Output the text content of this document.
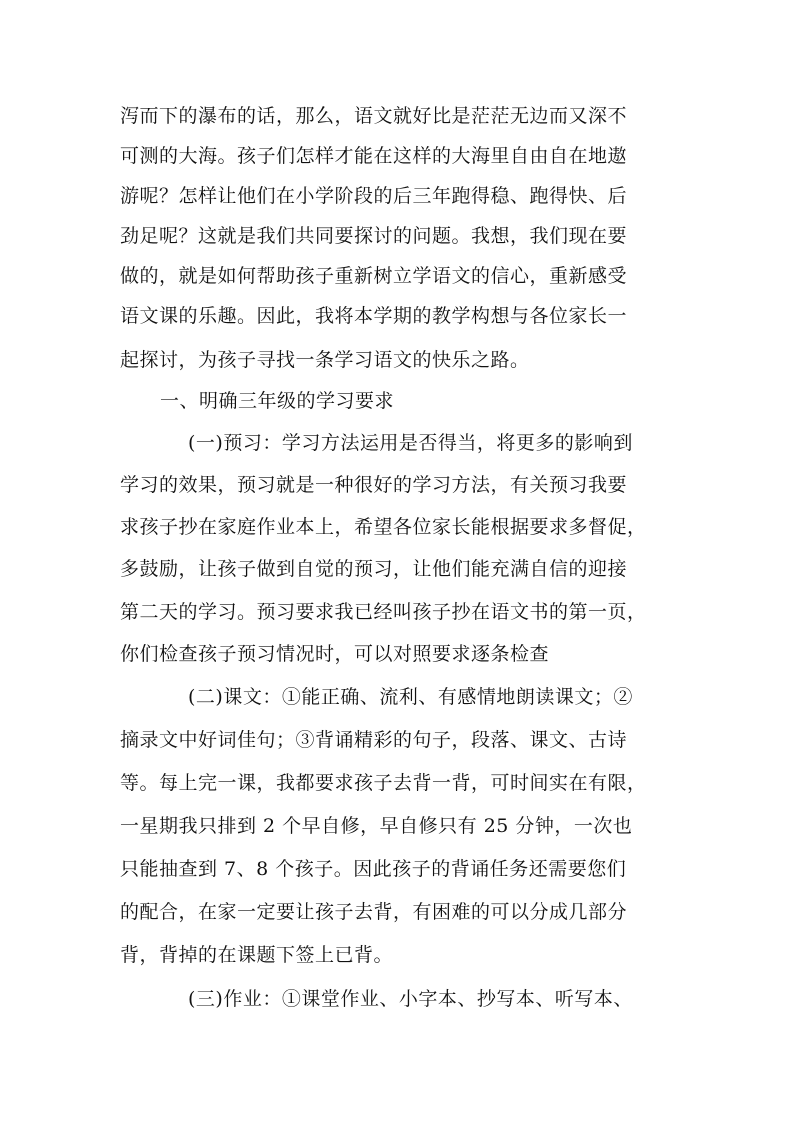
泻而下的瀑布的话，那么，语文就好比是茫茫无边而又深不
可测的大海。孩子们怎样才能在这样的大海里自由自在地遨
游呢？怎样让他们在小学阶段的后三年跑得稳、跑得快、后
劲足呢？这就是我们共同要探讨的问题。我想，我们现在要
做的，就是如何帮助孩子重新树立学语文的信心，重新感受
语文课的乐趣。因此，我将本学期的教学构想与各位家长一
起探讨，为孩子寻找一条学习语文的快乐之路。
一、明确三年级的学习要求
(一)预习：学习方法运用是否得当，将更多的影响到
学习的效果，预习就是一种很好的学习方法，有关预习我要
求孩子抄在家庭作业本上，希望各位家长能根据要求多督促，
多鼓励，让孩子做到自觉的预习，让他们能充满自信的迎接
第二天的学习。预习要求我已经叫孩子抄在语文书的第一页，
你们检查孩子预习情况时，可以对照要求逐条检查
(二)课文：①能正确、流利、有感情地朗读课文；②
摘录文中好词佳句；③背诵精彩的句子，段落、课文、古诗
等。每上完一课，我都要求孩子去背一背，可时间实在有限，
一星期我只排到 2 个早自修，早自修只有 25 分钟，一次也
只能抽查到 7、8 个孩子。因此孩子的背诵任务还需要您们
的配合，在家一定要让孩子去背，有困难的可以分成几部分
背，背掉的在课题下签上已背。
(三)作业：①课堂作业、小字本、抄写本、听写本、
